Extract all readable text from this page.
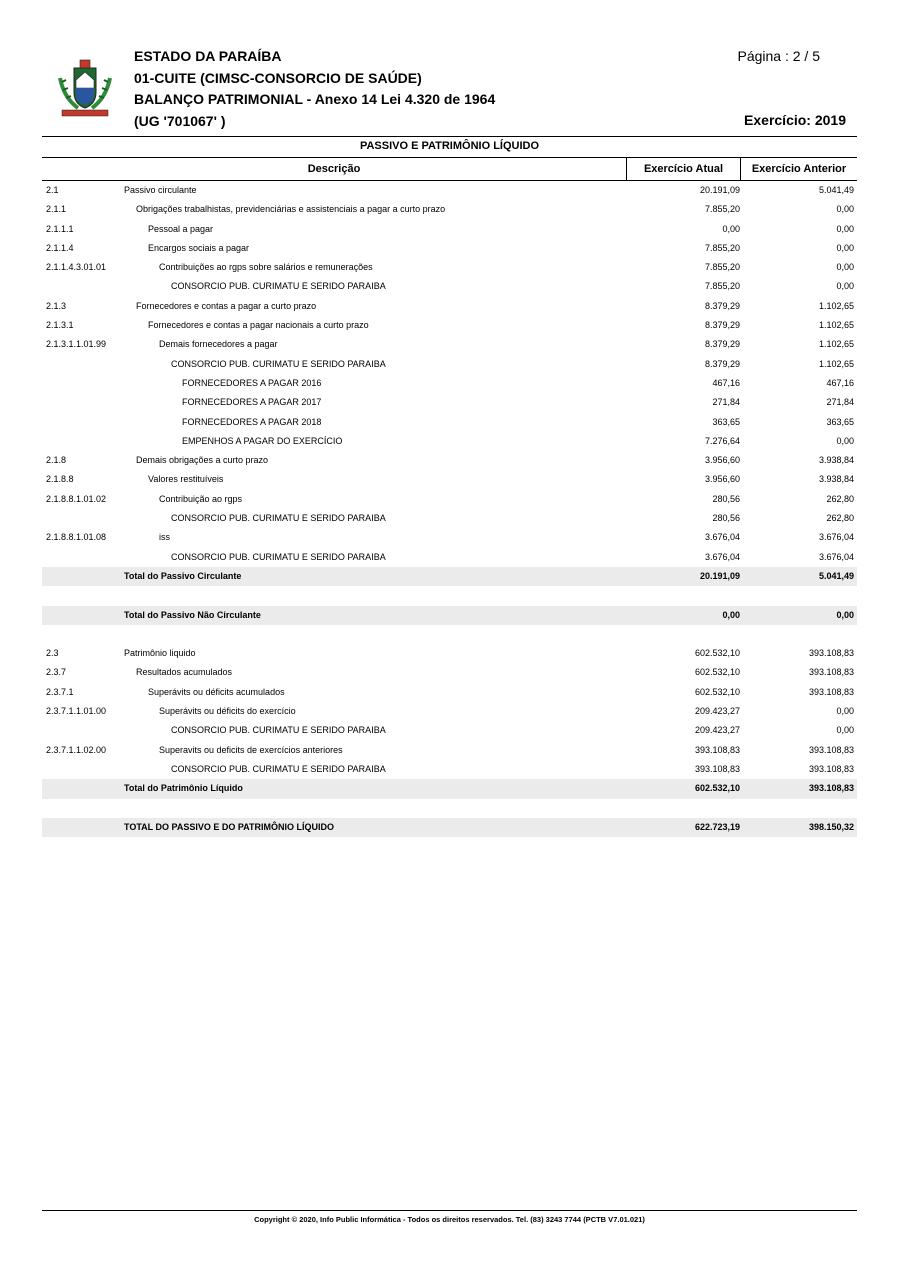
ESTADO DA PARAÍBA
01-CUITE (CIMSC-CONSORCIO DE SAÚDE)
BALANÇO PATRIMONIAL - Anexo 14 Lei 4.320 de 1964
(UG '701067' )
Página : 2 / 5
Exercício: 2019
PASSIVO E PATRIMÔNIO LÍQUIDO
Descrição	Exercício Atual	Exercício Anterior
2.1	Passivo circulante	20.191,09	5.041,49
2.1.1	Obrigações trabalhistas, previdenciárias e assistenciais a pagar a curto prazo	7.855,20	0,00
2.1.1.1	Pessoal a pagar	0,00	0,00
2.1.1.4	Encargos sociais a pagar	7.855,20	0,00
2.1.1.4.3.01.01	Contribuições ao rgps sobre salários e remunerações	7.855,20	0,00
CONSORCIO PUB. CURIMATU E SERIDO PARAIBA	7.855,20	0,00
2.1.3	Fornecedores e contas a pagar a curto prazo	8.379,29	1.102,65
2.1.3.1	Fornecedores e contas a pagar nacionais a curto prazo	8.379,29	1.102,65
2.1.3.1.1.01.99	Demais fornecedores a pagar	8.379,29	1.102,65
CONSORCIO PUB. CURIMATU E SERIDO PARAIBA	8.379,29	1.102,65
FORNECEDORES A PAGAR 2016	467,16	467,16
FORNECEDORES A PAGAR 2017	271,84	271,84
FORNECEDORES A PAGAR 2018	363,65	363,65
EMPENHOS A PAGAR DO EXERCÍCIO	7.276,64	0,00
2.1.8	Demais obrigações a curto prazo	3.956,60	3.938,84
2.1.8.8	Valores restituíveis	3.956,60	3.938,84
2.1.8.8.1.01.02	Contribuição ao rgps	280,56	262,80
CONSORCIO PUB. CURIMATU E SERIDO PARAIBA	280,56	262,80
2.1.8.8.1.01.08	iss	3.676,04	3.676,04
CONSORCIO PUB. CURIMATU E SERIDO PARAIBA	3.676,04	3.676,04
Total do Passivo Circulante	20.191,09	5.041,49
Total do Passivo Não Circulante	0,00	0,00
2.3	Patrimônio liquido	602.532,10	393.108,83
2.3.7	Resultados acumulados	602.532,10	393.108,83
2.3.7.1	Superávits ou déficits acumulados	602.532,10	393.108,83
2.3.7.1.1.01.00	Superávits ou déficits do exercício	209.423,27	0,00
CONSORCIO PUB. CURIMATU E SERIDO PARAIBA	209.423,27	0,00
2.3.7.1.1.02.00	Superavits ou deficits de exercícios anteriores	393.108,83	393.108,83
CONSORCIO PUB. CURIMATU E SERIDO PARAIBA	393.108,83	393.108,83
Total do Patrimônio Líquido	602.532,10	393.108,83
TOTAL DO PASSIVO E DO PATRIMÔNIO LÍQUIDO	622.723,19	398.150,32
Copyright © 2020, Info Public Informática - Todos os direitos reservados. Tel. (83) 3243 7744 (PCTB V7.01.021)
